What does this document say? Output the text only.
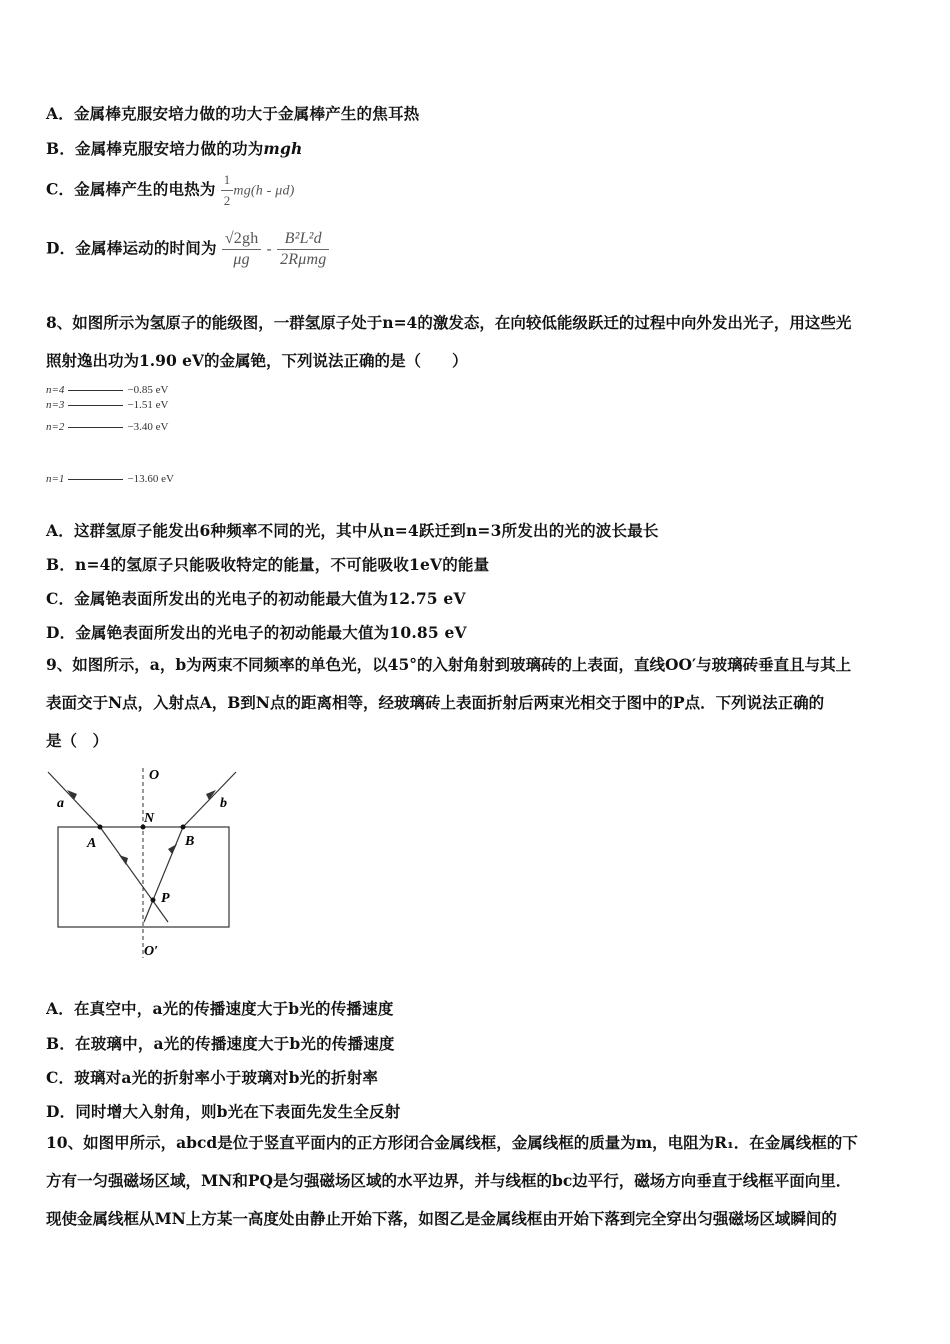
A．金属棒克服安培力做的功大于金属棒产生的焦耳热
B．金属棒克服安培力做的功为mgh
C．金属棒产生的电热为 $\frac{1}{2} mg(h - \mu d)$
D．金属棒运动的时间为 $\frac{√2gh}{\mu g} - \frac{\text{B²L²d}}{\text{2Rμmg}}$

8、如图所示为氢原子的能级图，一群氢原子处于n=4的激发态，在向较低能级跃迁的过程中向外发出光子，用这些光

照射逸出功为1.90 eV的金属铯，下列说法正确的是（　　）

n=4	−0.85 eV
n=3	−1.51 eV
n=2	−3.40 eV
n=1	−13.60 eV
A．这群氢原子能发出6种频率不同的光，其中从n=4跃迁到n=3所发出的光的波长最长
B．n=4的氢原子只能吸收特定的能量，不可能吸收1eV的能量
C．金属铯表面所发出的光电子的初动能最大值为12.75 eV
D．金属铯表面所发出的光电子的初动能最大值为10.85 eV

9、如图所示，a，b为两束不同频率的单色光，以45°的入射角射到玻璃砖的上表面，直线OO′与玻璃砖垂直且与其上

表面交于N点，入射点A，B到N点的距离相等，经玻璃砖上表面折射后两束光相交于图中的P点．下列说法正确的

是（　）

O
O′
N
A	B
P
a	b
A．在真空中，a光的传播速度大于b光的传播速度
B．在玻璃中，a光的传播速度大于b光的传播速度
C．玻璃对a光的折射率小于玻璃对b光的折射率
D．同时增大入射角，则b光在下表面先发生全反射

10、如图甲所示，abcd是位于竖直平面内的正方形闭合金属线框，金属线框的质量为m，电阻为R₁．在金属线框的下

方有一匀强磁场区域，MN和PQ是匀强磁场区域的水平边界，并与线框的bc边平行，磁场方向垂直于线框平面向里．

现使金属线框从MN上方某一高度处由静止开始下落，如图乙是金属线框由开始下落到完全穿出匀强磁场区域瞬间的
